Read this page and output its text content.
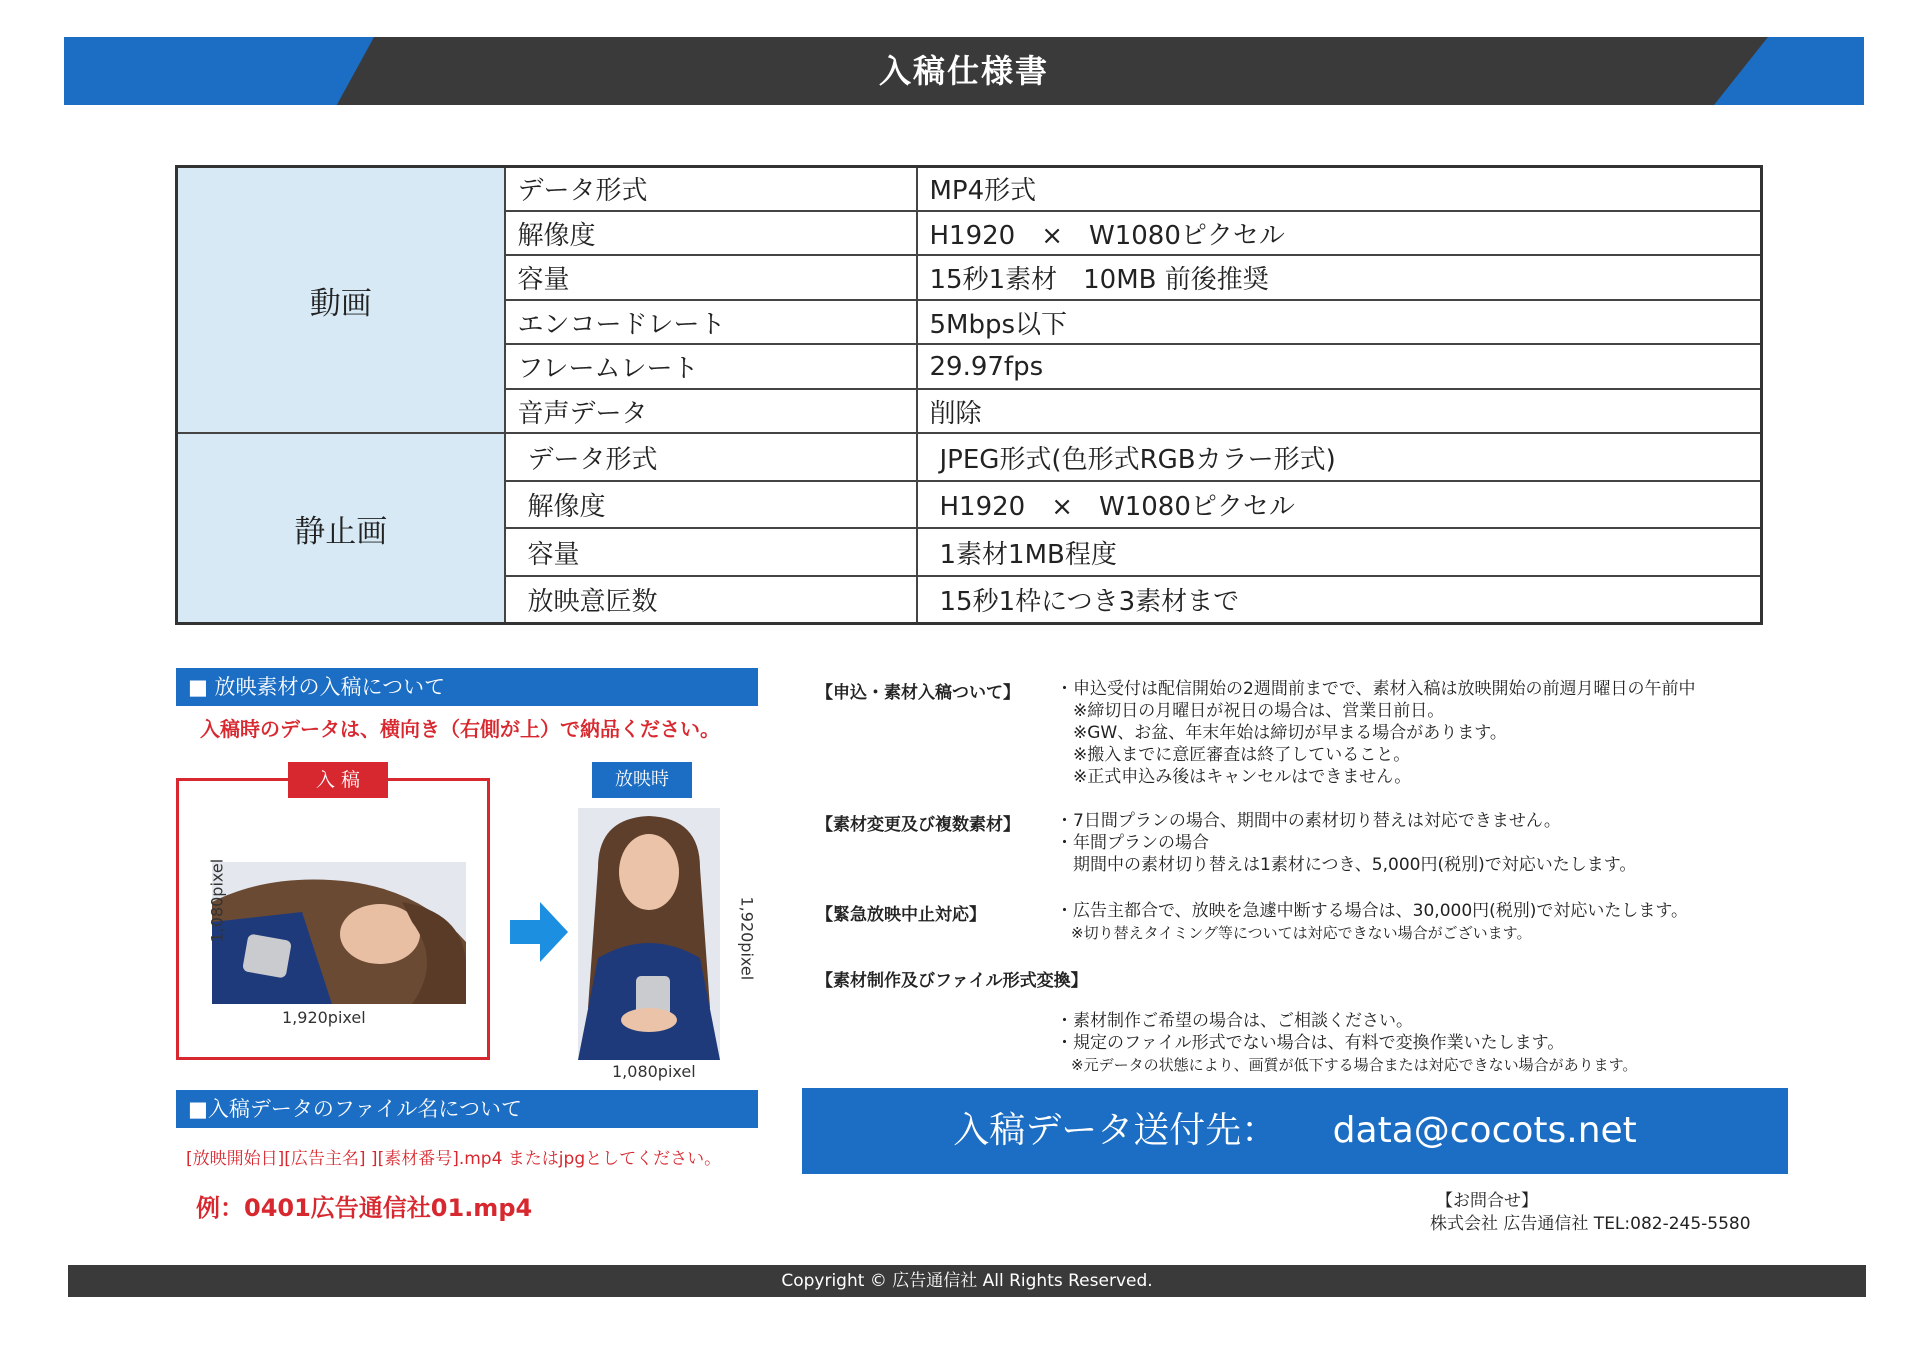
入稿仕様書
動画	データ形式	MP4形式
	解像度	H1920　×　W1080ピクセル
	容量	15秒1素材　10MB 前後推奨
	エンコードレート	5Mbps以下
	フレームレート	29.97fps
	音声データ	削除
静止画	データ形式	JPEG形式(色形式RGBカラー形式)
	解像度	H1920　×　W1080ピクセル
	容量	1素材1MB程度
	放映意匠数	15秒1枠につき3素材まで
■ 放映素材の入稿について
入稿時のデータは、横向き（右側が上）で納品ください。
入 稿	放映時
1,920pixel
1,080pixel	1,920pixel
1,080pixel
■入稿データのファイル名について
[放映開始日][広告主名] ][素材番号].mp4 またはjpgとしてください。
例：0401広告通信社01.mp4
【申込・素材入稿ついて】 ・申込受付は配信開始の2週間前までで、素材入稿は放映開始の前週月曜日の午前中
　※締切日の月曜日が祝日の場合は、営業日前日。
　※GW、お盆、年末年始は締切が早まる場合があります。
　※搬入までに意匠審査は終了していること。
　※正式申込み後はキャンセルはできません。
【素材変更及び複数素材】 ・7日間プランの場合、期間中の素材切り替えは対応できません。
・年間プランの場合
　期間中の素材切り替えは1素材につき、5,000円(税別)で対応いたします。
【緊急放映中止対応】	・広告主都合で、放映を急遽中断する場合は、30,000円(税別)で対応いたします。
　※切り替えタイミング等については対応できない場合がございます。
【素材制作及びファイル形式変換】
・素材制作ご希望の場合は、ご相談ください。
・規定のファイル形式でない場合は、有料で変換作業いたします。
　※元データの状態により、画質が低下する場合または対応できない場合があります。
入稿データ送付先： data@cocots.net
【お問合せ】
株式会社 広告通信社 TEL:082-245-5580
Copyright © 広告通信社 All Rights Reserved.
